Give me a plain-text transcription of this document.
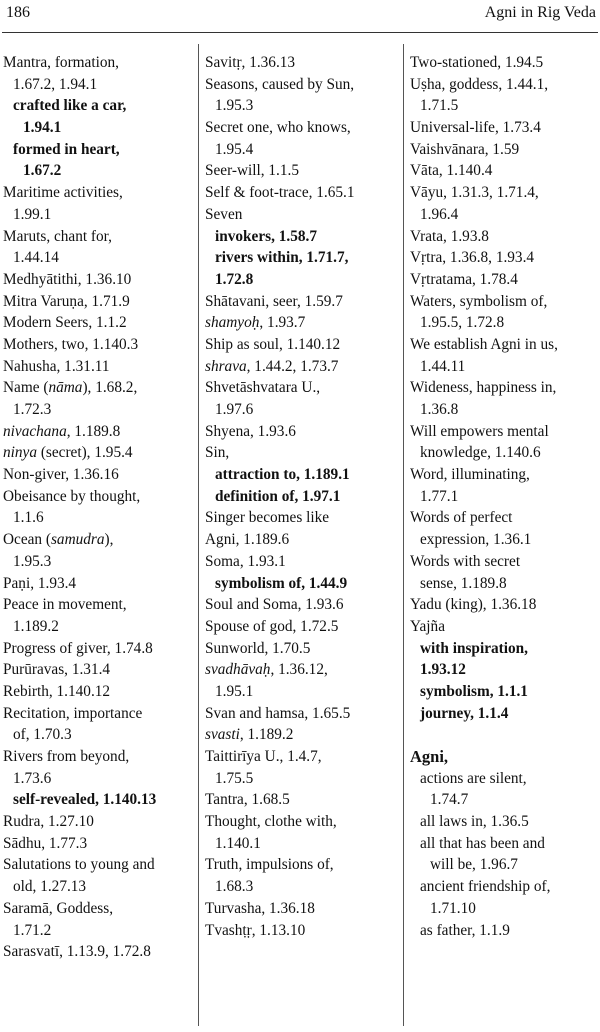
186	Agni in Rig Veda
Mantra, formation,
1.67.2, 1.94.1
crafted like a car,
1.94.1
formed in heart,
1.67.2
Maritime activities,
1.99.1
Maruts, chant for,
1.44.14
Medhyātithi, 1.36.10
Mitra Varuṇa, 1.71.9
Modern Seers, 1.1.2
Mothers, two, 1.140.3
Nahusha, 1.31.11
Name (nāma), 1.68.2,
1.72.3
nivachana, 1.189.8
ninya (secret), 1.95.4
Non-giver, 1.36.16
Obeisance by thought,
1.1.6
Ocean (samudra),
1.95.3
Paṇi, 1.93.4
Peace in movement,
1.189.2
Progress of giver, 1.74.8
Purūravas, 1.31.4
Rebirth, 1.140.12
Recitation, importance
of, 1.70.3
Rivers from beyond,
1.73.6
self-revealed, 1.140.13
Rudra, 1.27.10
Sādhu, 1.77.3
Salutations to young and
old, 1.27.13
Saramā, Goddess,
1.71.2
Sarasvatī, 1.13.9, 1.72.8
Savitṛ, 1.36.13
Seasons, caused by Sun,
1.95.3
Secret one, who knows,
1.95.4
Seer-will, 1.1.5
Self & foot-trace, 1.65.1
Seven
invokers, 1.58.7
rivers within, 1.71.7,
1.72.8
Shātavani, seer, 1.59.7
shamyoḥ, 1.93.7
Ship as soul, 1.140.12
shrava, 1.44.2, 1.73.7
Shvetāshvatara U.,
1.97.6
Shyena, 1.93.6
Sin,
attraction to, 1.189.1
definition of, 1.97.1
Singer becomes like
Agni, 1.189.6
Soma, 1.93.1
symbolism of, 1.44.9
Soul and Soma, 1.93.6
Spouse of god, 1.72.5
Sunworld, 1.70.5
svadhāvaḥ, 1.36.12,
1.95.1
Svan and hamsa, 1.65.5
svasti, 1.189.2
Taittirīya U., 1.4.7,
1.75.5
Tantra, 1.68.5
Thought, clothe with,
1.140.1
Truth, impulsions of,
1.68.3
Turvasha, 1.36.18
Tvashṭṛ, 1.13.10
Two-stationed, 1.94.5
Uṣha, goddess, 1.44.1,
1.71.5
Universal-life, 1.73.4
Vaishvānara, 1.59
Vāta, 1.140.4
Vāyu, 1.31.3, 1.71.4,
1.96.4
Vrata, 1.93.8
Vṛtra, 1.36.8, 1.93.4
Vṛtratama, 1.78.4
Waters, symbolism of,
1.95.5, 1.72.8
We establish Agni in us,
1.44.11
Wideness, happiness in,
1.36.8
Will empowers mental
knowledge, 1.140.6
Word, illuminating,
1.77.1
Words of perfect
expression, 1.36.1
Words with secret
sense, 1.189.8
Yadu (king), 1.36.18
Yajña
with inspiration,
1.93.12
symbolism, 1.1.1
journey, 1.1.4
Agni,
actions are silent,
1.74.7
all laws in, 1.36.5
all that has been and
will be, 1.96.7
ancient friendship of,
1.71.10
as father, 1.1.9
